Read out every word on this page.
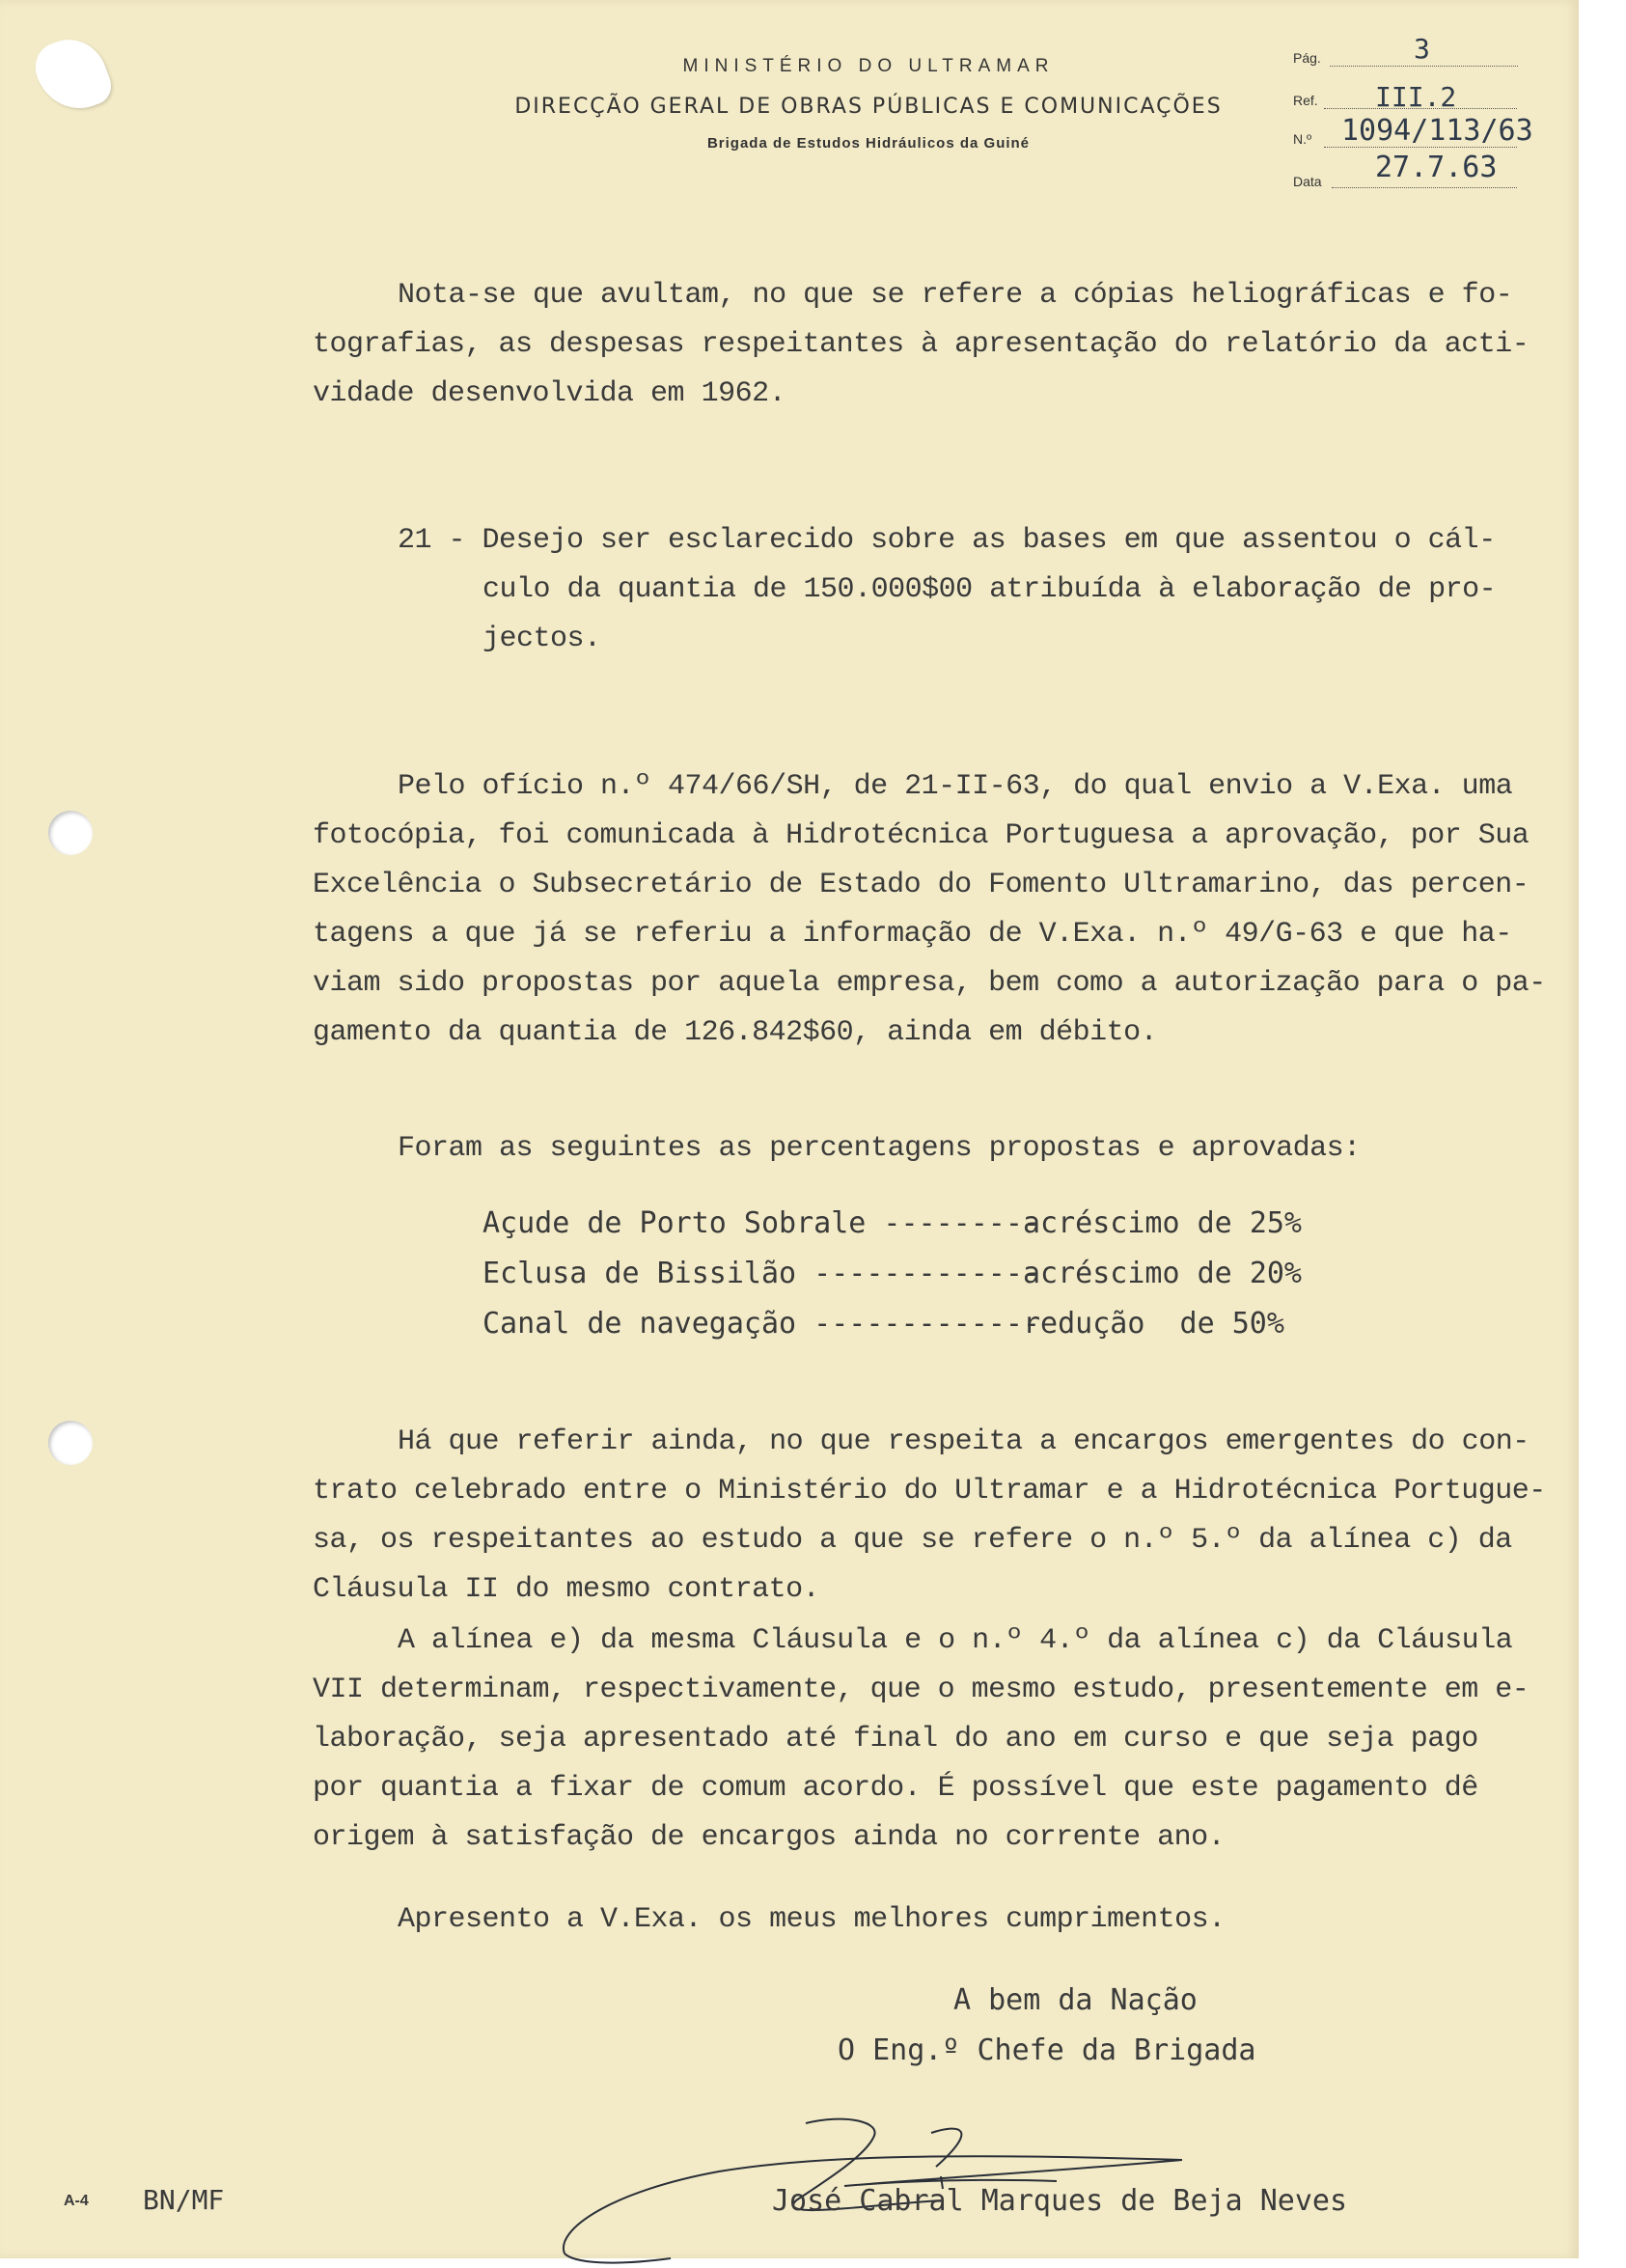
MINISTÉRIO DO ULTRAMAR
DIRECÇÃO GERAL DE OBRAS PÚBLICAS E COMUNICAÇÕES
Brigada de Estudos Hidráulicos da Guiné
Pág.	3
Ref. III.2
N.º 1094/113/63
Data 27.7.63
Nota-se que avultam, no que se refere a cópias heliográficas e fo-
tografias, as despesas respeitantes à apresentação do relatório da acti-
vidade desenvolvida em 1962.
21 - Desejo ser esclarecido sobre as bases em que assentou o cál-
culo da quantia de 150.000$00 atribuída à elaboração de pro-
jectos.
Pelo ofício n.º 474/66/SH, de 21-II-63, do qual envio a V.Exa. uma
fotocópia, foi comunicada à Hidrotécnica Portuguesa a aprovação, por Sua
Excelência o Subsecretário de Estado do Fomento Ultramarino, das percen-
tagens a que já se referiu a informação de V.Exa. n.º 49/G-63 e que ha-
viam sido propostas por aquela empresa, bem como a autorização para o pa-
gamento da quantia de 126.842$60, ainda em débito.
Foram as seguintes as percentagens propostas e aprovadas:
Açude de Porto Sobrale ---------
acréscimo de 25%
Eclusa de Bissilão -------------
acréscimo de 20%
Canal de navegação -------------
redução  de 50%
Há que referir ainda, no que respeita a encargos emergentes do con-
trato celebrado entre o Ministério do Ultramar e a Hidrotécnica Portugue-
sa, os respeitantes ao estudo a que se refere o n.º 5.º da alínea c) da
Cláusula II do mesmo contrato.
A alínea e) da mesma Cláusula e o n.º 4.º da alínea c) da Cláusula
VII determinam, respectivamente, que o mesmo estudo, presentemente em e-
laboração, seja apresentado até final do ano em curso e que seja pago
por quantia a fixar de comum acordo. É possível que este pagamento dê
origem à satisfação de encargos ainda no corrente ano.
Apresento a V.Exa. os meus melhores cumprimentos.
A bem da Nação
O Eng.º Chefe da Brigada
José Cabral Marques de Beja Neves
A-4 BN/MF
